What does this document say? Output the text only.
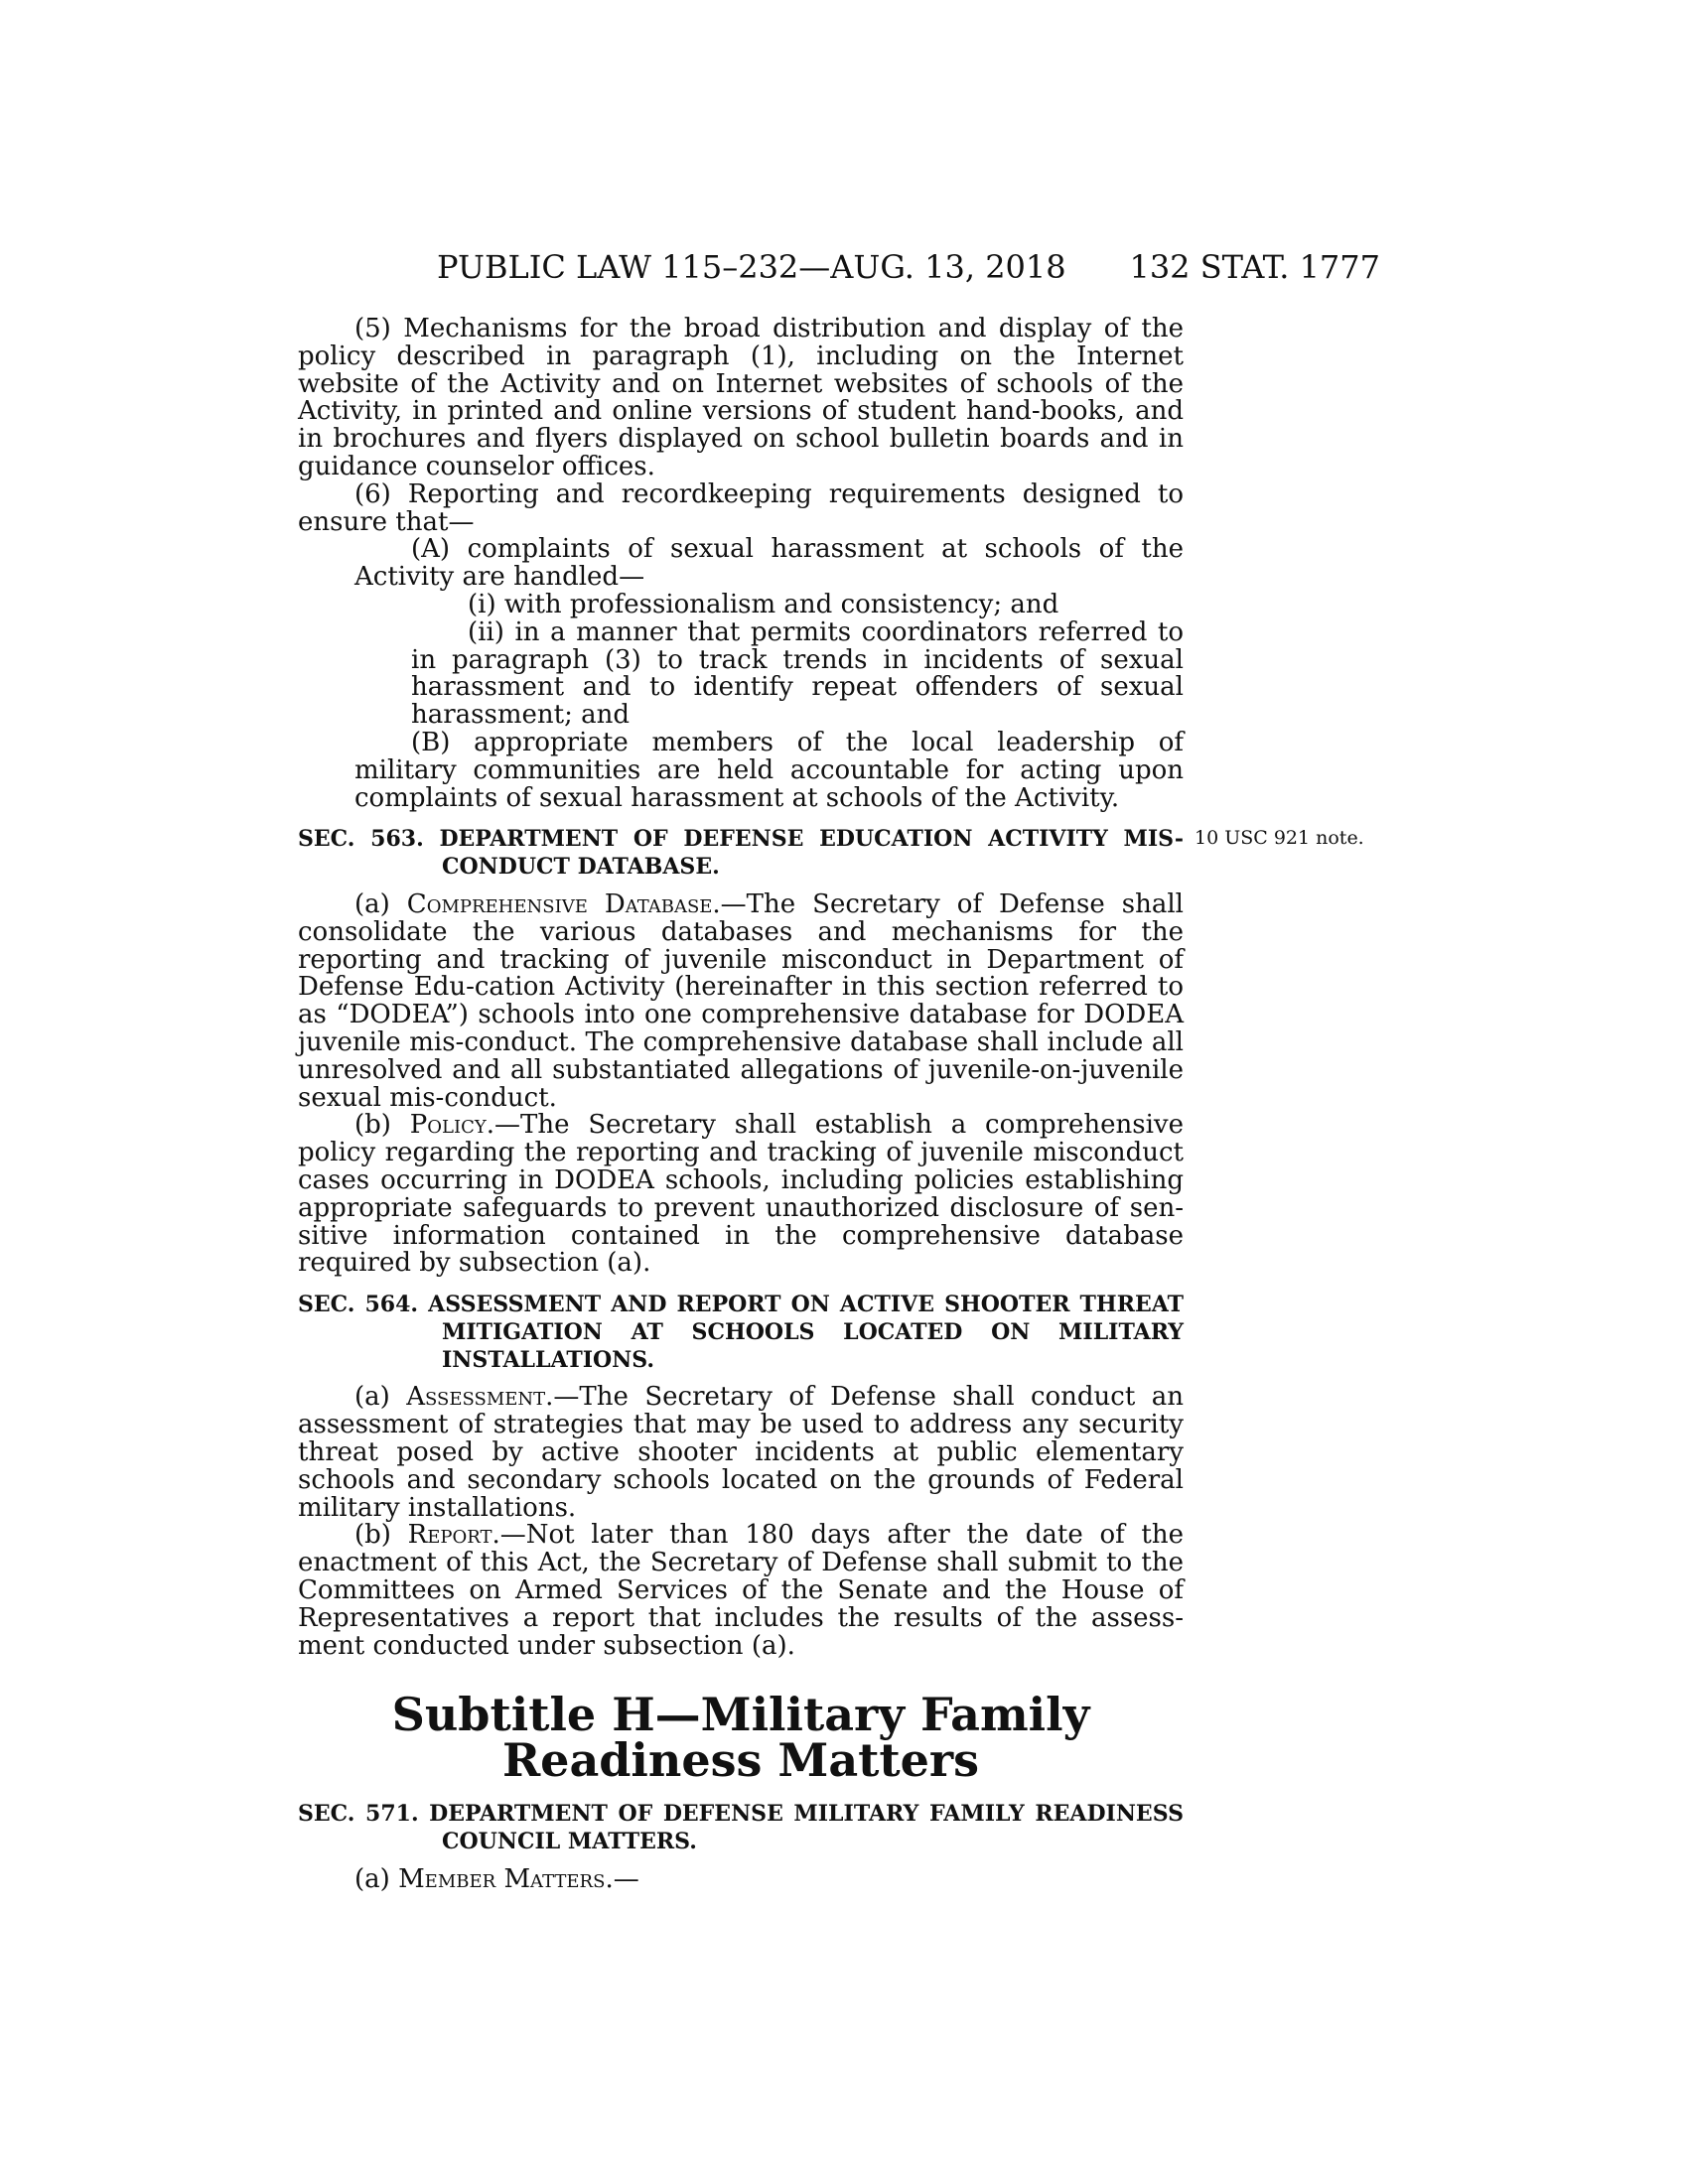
PUBLIC LAW 115–232—AUG. 13, 2018 132 STAT. 1777
10 USC 921 note.

(5) Mechanisms for the broad distribution and display of the policy described in paragraph (1), including on the Internet website of the Activity and on Internet websites of schools of the Activity, in printed and online versions of student hand-books, and in brochures and flyers displayed on school bulletin boards and in guidance counselor offices.

(6) Reporting and recordkeeping requirements designed to ensure that—

(A) complaints of sexual harassment at schools of the Activity are handled—

(i) with professionalism and consistency; and

(ii) in a manner that permits coordinators referred to in paragraph (3) to track trends in incidents of sexual harassment and to identify repeat offenders of sexual harassment; and

(B) appropriate members of the local leadership of military communities are held accountable for acting upon complaints of sexual harassment at schools of the Activity.

SEC. 563. DEPARTMENT OF DEFENSE EDUCATION ACTIVITY MIS-CONDUCT DATABASE.

(a) Comprehensive Database.—The Secretary of Defense shall consolidate the various databases and mechanisms for the reporting and tracking of juvenile misconduct in Department of Defense Edu-cation Activity (hereinafter in this section referred to as “DODEA”) schools into one comprehensive database for DODEA juvenile mis-conduct. The comprehensive database shall include all unresolved and all substantiated allegations of juvenile-on-juvenile sexual mis-conduct.

(b) Policy.—The Secretary shall establish a comprehensive policy regarding the reporting and tracking of juvenile misconduct cases occurring in DODEA schools, including policies establishing appropriate safeguards to prevent unauthorized disclosure of sen-sitive information contained in the comprehensive database required by subsection (a).

SEC. 564. ASSESSMENT AND REPORT ON ACTIVE SHOOTER THREAT MITIGATION AT SCHOOLS LOCATED ON MILITARY INSTALLATIONS.

(a) Assessment.—The Secretary of Defense shall conduct an assessment of strategies that may be used to address any security threat posed by active shooter incidents at public elementary schools and secondary schools located on the grounds of Federal military installations.

(b) Report.—Not later than 180 days after the date of the enactment of this Act, the Secretary of Defense shall submit to the Committees on Armed Services of the Senate and the House of Representatives a report that includes the results of the assess-ment conducted under subsection (a).

Subtitle H—Military Family Readiness Matters
SEC. 571. DEPARTMENT OF DEFENSE MILITARY FAMILY READINESS COUNCIL MATTERS.

(a) Member Matters.—
